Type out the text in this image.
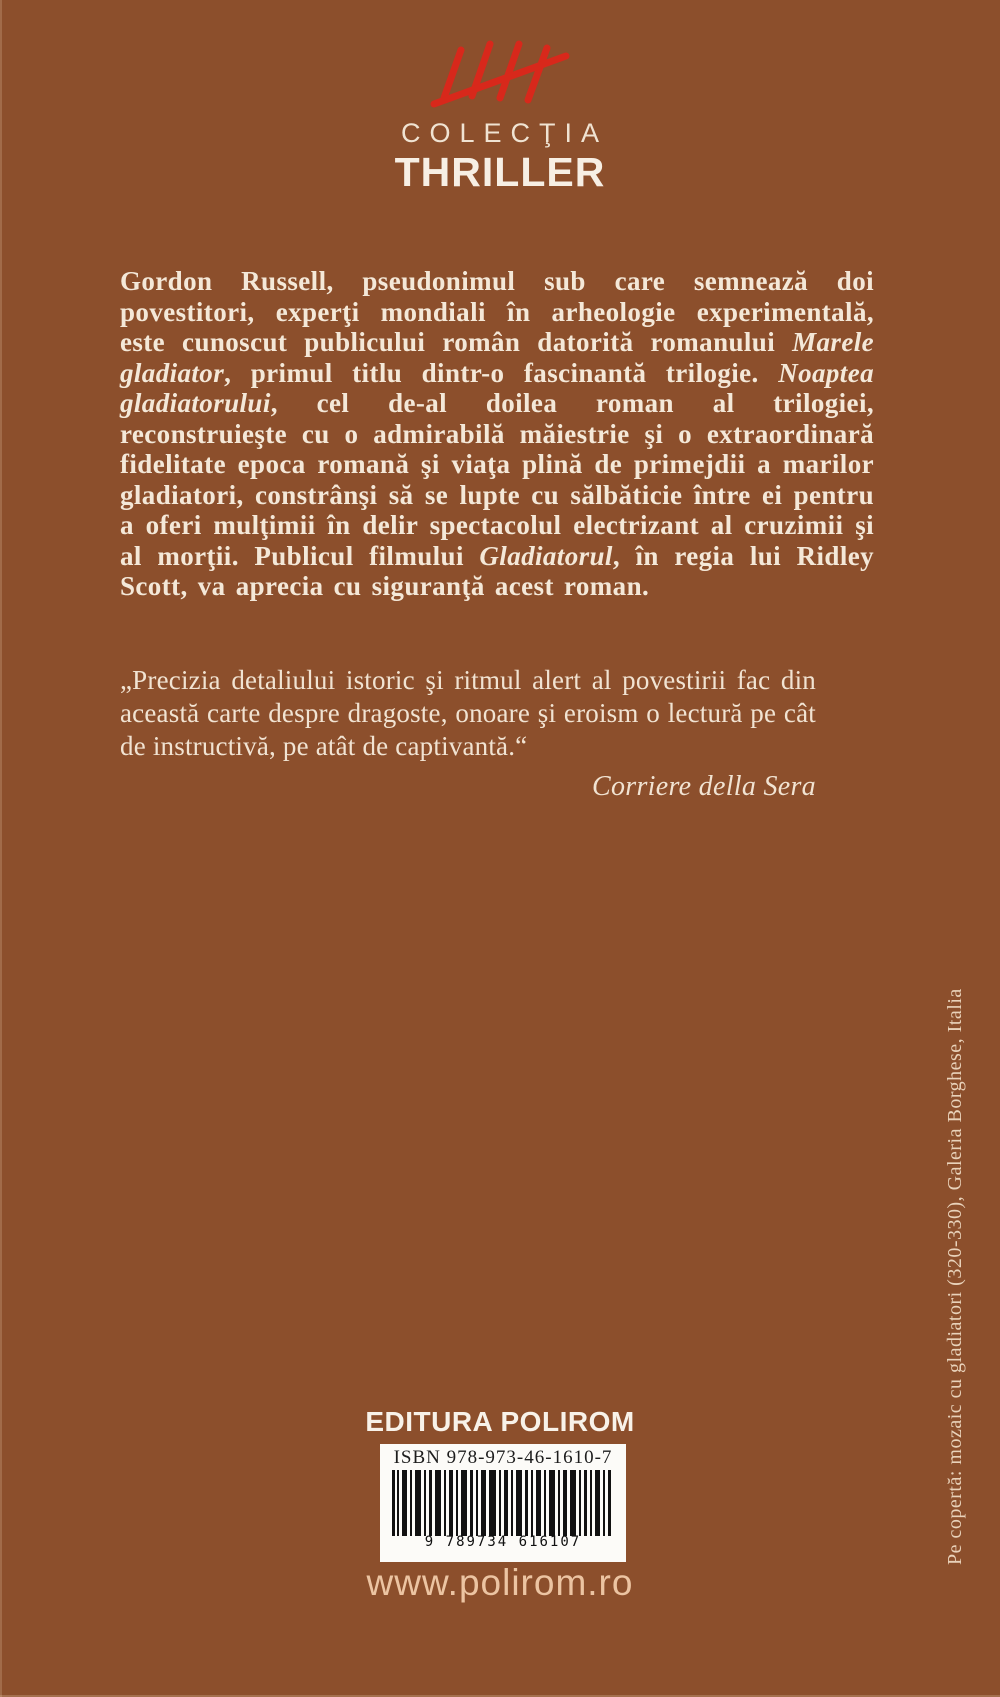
COLECŢIA
THRILLER
Gordon Russell, pseudonimul sub care semnează doi povestitori, experţi mondiali în arheologie experimentală, este cunoscut publicului român datorită romanului Marele gladiator, primul titlu dintr-o fascinantă trilogie. Noaptea gladiatorului, cel de-al doilea roman al trilogiei, reconstruieşte cu o admirabilă măiestrie şi o extraordinară fidelitate epoca romană şi viaţa plină de primejdii a marilor gladiatori, constrânşi să se lupte cu sălbăticie între ei pentru a oferi mulţimii în delir spectacolul electrizant al cruzimii şi al morţii. Publicul filmului Gladiatorul, în regia lui Ridley Scott, va aprecia cu siguranţă acest roman.
„Precizia detaliului istoric şi ritmul alert al povestirii fac din această carte despre dragoste, onoare şi eroism o lectură pe cât de instructivă, pe atât de captivantă.“
Corriere della Sera
Pe copertă: mozaic cu gladiatori (320-330), Galeria Borghese, Italia
EDITURA POLIROM
ISBN 978-973-46-1610-7
9 789734 616107
www.polirom.ro
